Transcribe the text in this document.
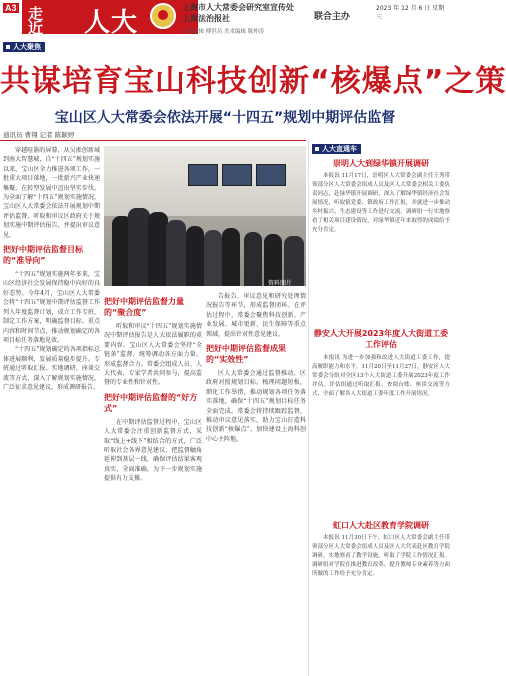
A3 走
近 人大
上海市人大常委会研究室宣传处
上海法治报社	联合主办
2023 年 12 月 6 日 星期三
责任编辑 傅世昌 美术编辑 陈仲涛
人大聚焦
共谋培育宝山科技创新“核爆点”之策
宝山区人大常委会依法开展“十四五”规划中期评估监督
通讯员 曹翔 记者 陈颖婷

穿越喧嚣的屏幕，从吴淞创新城到南大智慧城，自“十四五”规划实施以来，宝山区全力推进各项工作，一批重大项目落地，一批新兴产业快速集聚，在转型发展中迈出坚实步伐。为全面了解“十四五”规划实施情况，宝山区人大常委会依法开展规划中期评估监督，听取和审议区政府关于规划实施中期评估报告，并提出审议意见。

把好中期评估监督目标的“准导向”

“十四五”规划实施两年多来，宝山区经济社会发展保持稳中向好的良好态势。今年4月，宝山区人大常委会将“十四五”规划中期评估监督工作列入年度监督计划，成立工作专班，制定工作方案，明确监督目标、重点内容和时间节点，推动规划确定的各项目标任务落地见效。

“十四五”规划确定的各项指标总体进展顺利，发展质量稳步提升。专班通过听取汇报、实地调研、座谈交流等方式，深入了解规划实施情况，广泛征求意见建议，形成调研报告。

资料图片
把好中期评估监督力量的“聚合度”

听取和审议“十四五”规划实施情况中期评估报告是人大依法履职的重要内容。宝山区人大常委会坚持“全链条”监督，统筹调动各方面力量，形成监督合力。常委会组成人员、人大代表、专家学者共同参与，提高监督的专业性和针对性。

把好中期评估监督的“好方式”

在中期评估监督过程中，宝山区人大常委会注重创新监督方式，采取“线上+线下”相结合的方式，广泛听取社会各界意见建议，把监督触角延伸到基层一线，确保评估结果客观真实、全面准确，为下一步规划实施提供有力支撑。

告报告、审议意见和研究处理情况报告等环节，形成监督闭环。在评估过程中，常委会聚焦科技创新、产业发展、城市更新、民生保障等重点领域，提出针对性意见建议。

把好中期评估监督成果的“实效性”

区人大常委会通过监督推动，区政府对照规划目标，梳理问题短板，细化工作举措，推动规划各项任务落实落地，确保“十四五”规划目标任务全面完成。常委会将持续跟踪监督，推动审议意见落实，助力宝山打造科技创新“核爆点”，加快建设上海科创中心主阵地。

人大直通车
崇明人大到绿华镇开展调研

本报讯 11月17日，崇明区人大常委会副主任王秀带领部分区人大常委会组成人员及区人大常委会相关工委负责同志，赴绿华镇开展调研，深入了解绿华镇经济社会发展情况，听取镇党委、镇政府工作汇报，并就进一步推动乡村振兴、生态建设等工作进行交流。调研组一行实地察看了相关项目建设情况，对绿华镇近年来取得的成绩给予充分肯定。

静安人大开展2023年度人大街道工委工作评估

本报讯 为进一步加强和改进人大街道工委工作，提高履职能力和水平，11月20日至11月27日，静安区人大常委会分组对全区13个人大街道工委开展2023年度工作评估。评估组通过听取汇报、查阅台账、座谈交流等方式，全面了解各人大街道工委年度工作开展情况。

虹口人大赴区教育学院调研

本报讯 11月30日下午，虹口区人大常委会副主任带领部分区人大常委会组成人员及区人大代表赴区教育学院调研，实地察看了教学设施，听取了学院工作情况汇报。调研组对学院在推进教育改革、提升教师专业素养等方面所做的工作给予充分肯定。
